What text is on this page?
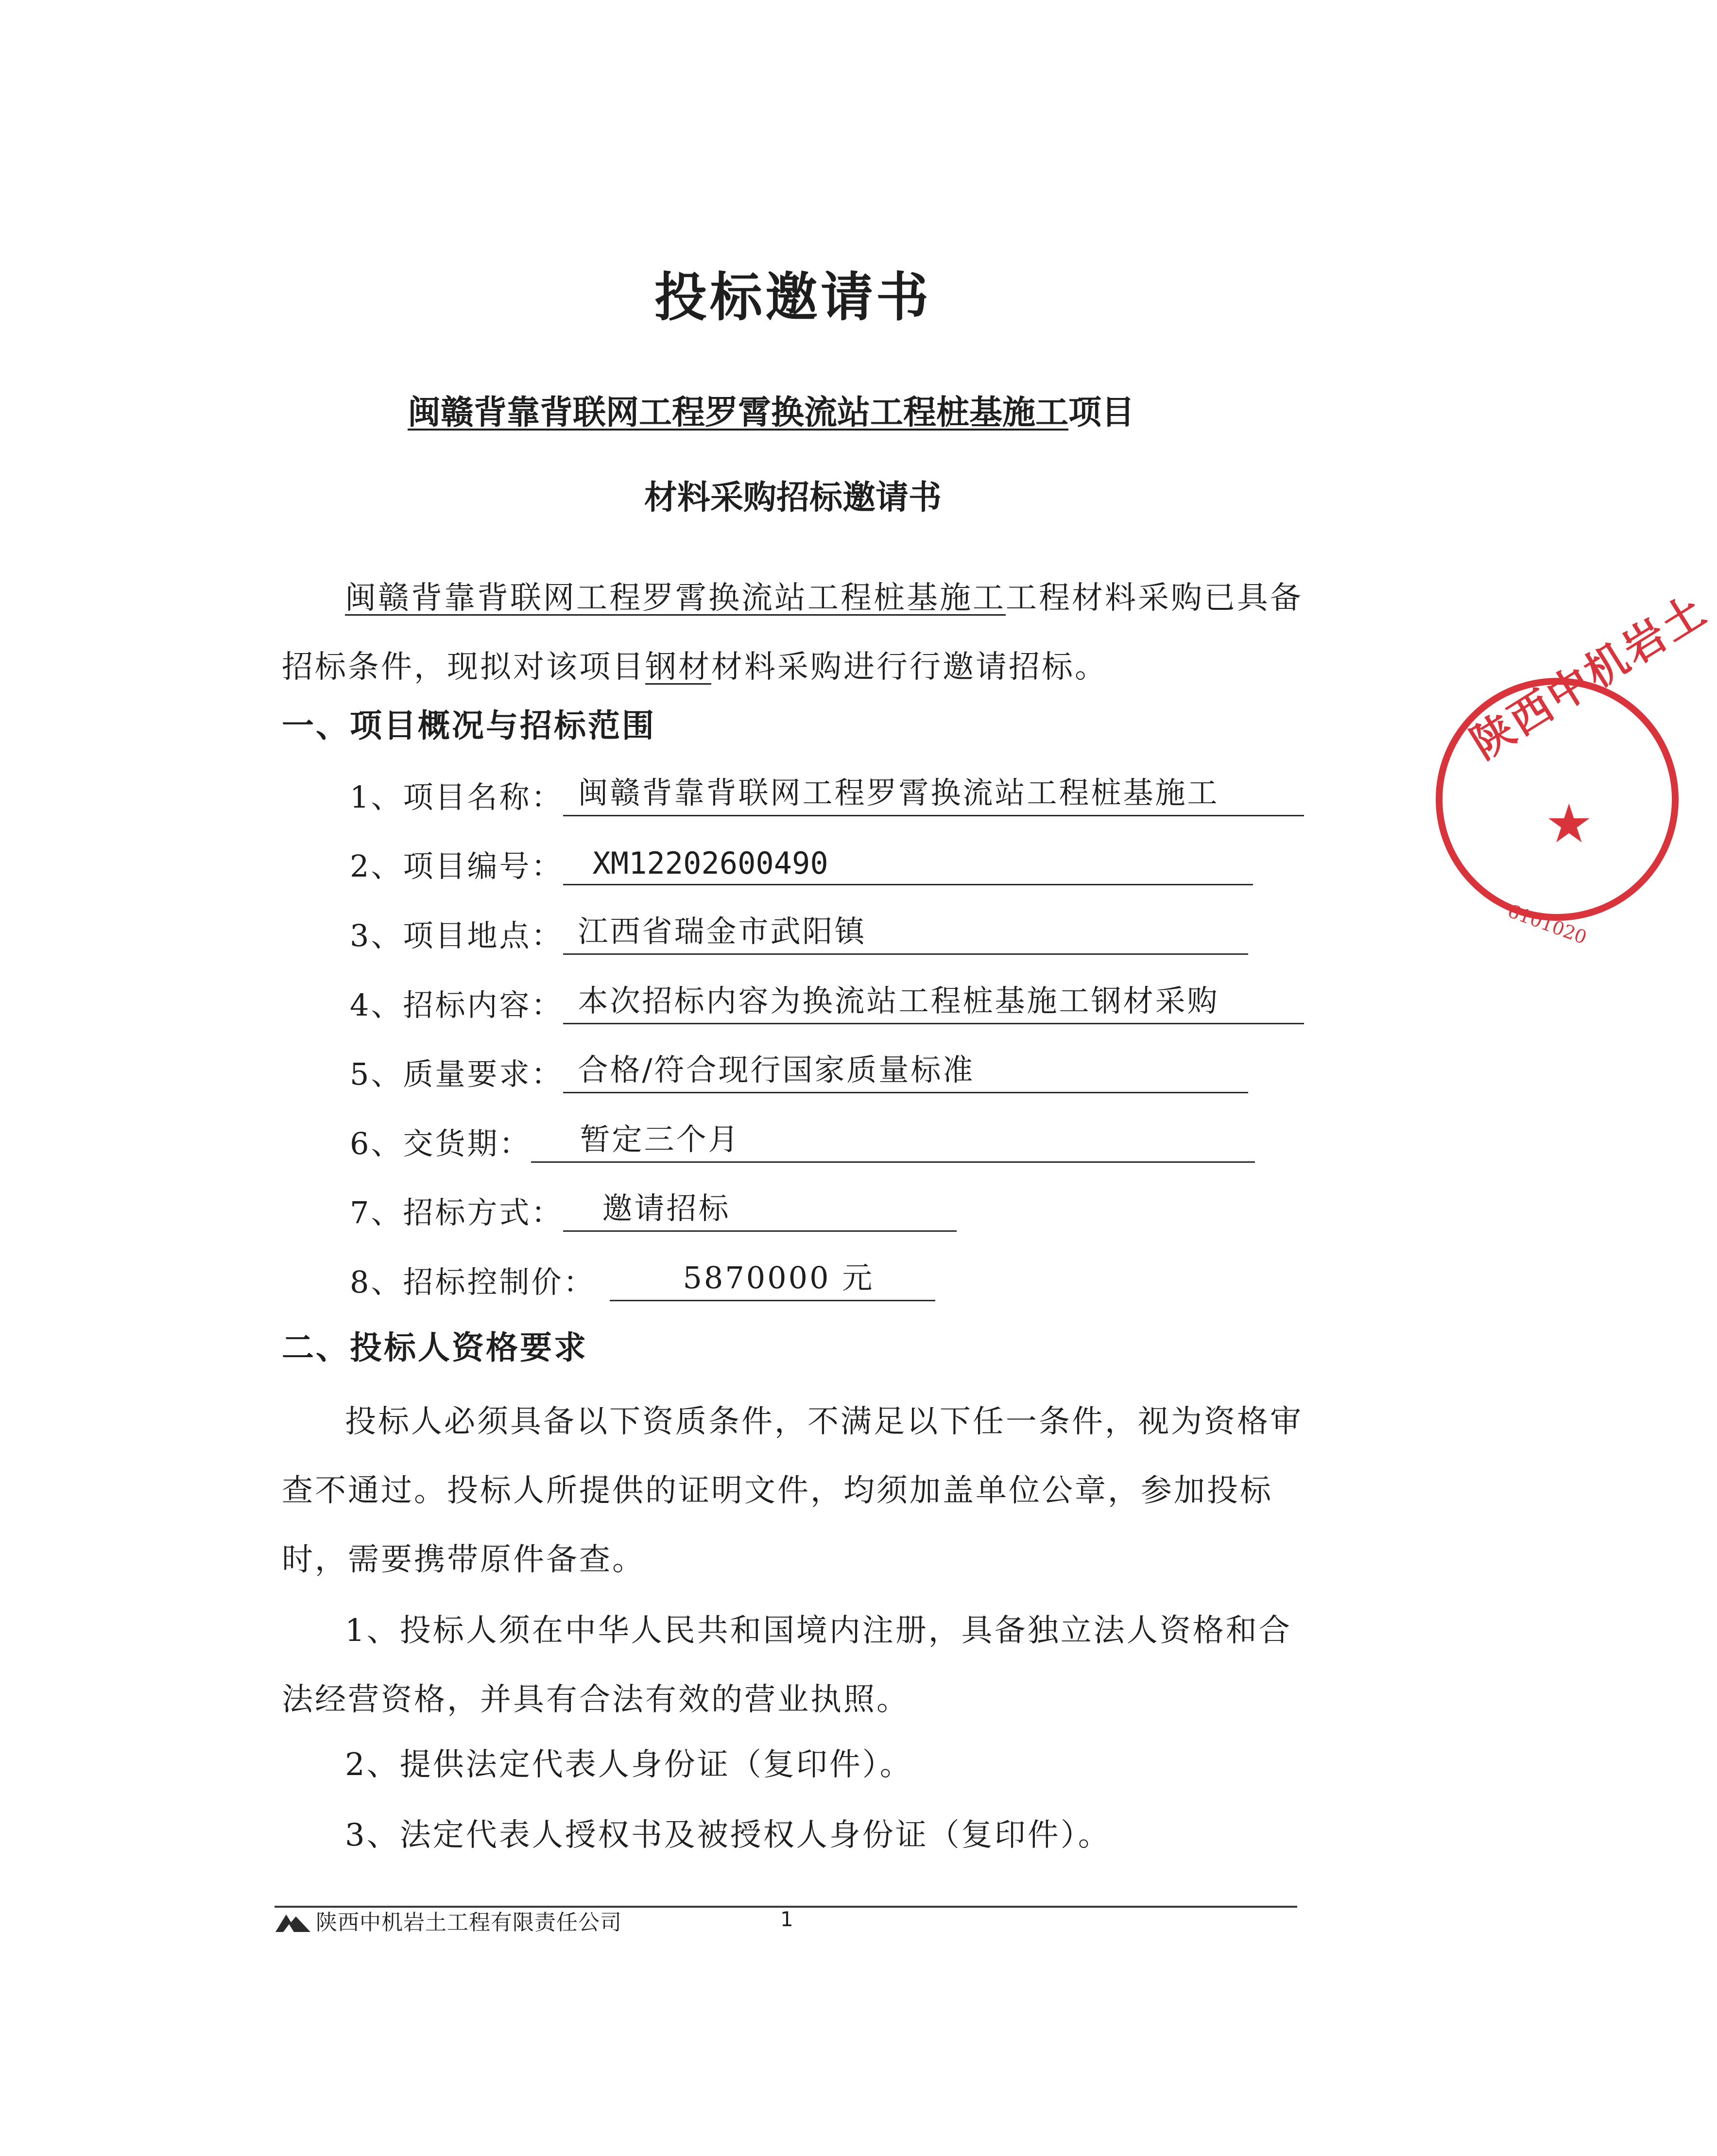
投标邀请书
闽赣背靠背联网工程罗霄换流站工程桩基施工项目
材料采购招标邀请书

闽赣背靠背联网工程罗霄换流站工程桩基施工工程材料采购已具备招标条件，现拟对该项目钢材材料采购进行行邀请招标。

一、项目概况与招标范围
1、项目名称： 闽赣背靠背联网工程罗霄换流站工程桩基施工
2、项目编号： XM12202600490
3、项目地点： 江西省瑞金市武阳镇
4、招标内容： 本次招标内容为换流站工程桩基施工钢材采购
5、质量要求： 合格/符合现行国家质量标准
6、交货期：	暂定三个月
7、招标方式：	邀请招标
8、招标控制价：	5870000 元
二、投标人资格要求

投标人必须具备以下资质条件，不满足以下任一条件，视为资格审查不通过。投标人所提供的证明文件，均须加盖单位公章，参加投标时，需要携带原件备查。

1、投标人须在中华人民共和国境内注册，具备独立法人资格和合法经营资格，并具有合法有效的营业执照。

2、提供法定代表人身份证（复印件）。
3、法定代表人授权书及被授权人身份证（复印件）。
陕西中机岩土
★
6101020
陕西中机岩土工程有限责任公司	1
